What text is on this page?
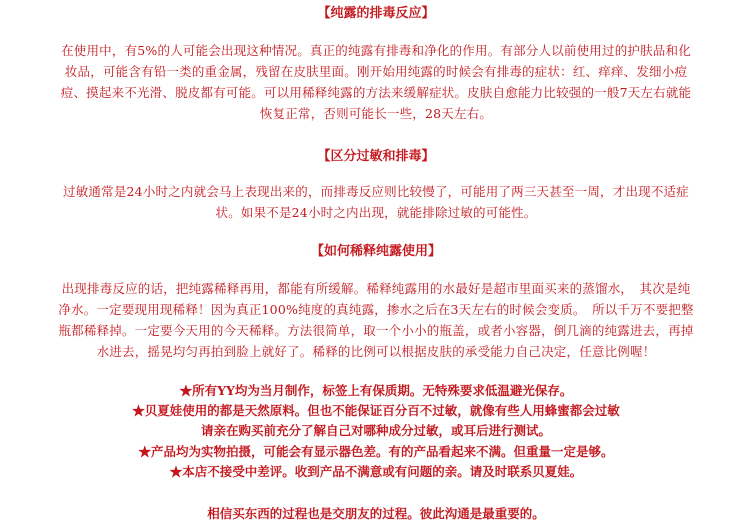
【纯露的排毒反应】
在使用中，有5%的人可能会出现这种情况。真正的纯露有排毒和净化的作用。有部分人以前使用过的护肤品和化
妆品，可能含有铅一类的重金属，残留在皮肤里面。刚开始用纯露的时候会有排毒的症状：红、痒痒、发细小痘
痘、摸起来不光滑、脱皮都有可能。可以用稀释纯露的方法来缓解症状。皮肤自愈能力比较强的一般7天左右就能
恢复正常，否则可能长一些，28天左右。
【区分过敏和排毒】
过敏通常是24小时之内就会马上表现出来的，而排毒反应则比较慢了，可能用了两三天甚至一周，才出现不适症
状。如果不是24小时之内出现，就能排除过敏的可能性。
【如何稀释纯露使用】
出现排毒反应的话，把纯露稀释再用，都能有所缓解。稀释纯露用的水最好是超市里面买来的蒸馏水，　其次是纯
净水。一定要现用现稀释！因为真正100%纯度的真纯露，掺水之后在3天左右的时候会变质。　所以千万不要把整
瓶都稀释掉。一定要今天用的今天稀释。方法很简单，取一个小小的瓶盖，或者小容器，倒几滴的纯露进去，再掉
水进去，摇晃均匀再拍到脸上就好了。稀释的比例可以根据皮肤的承受能力自己决定，任意比例喔！
★所有YY均为当月制作，标签上有保质期。无特殊要求低温避光保存。
★贝夏娃使用的都是天然原料。但也不能保证百分百不过敏，就像有些人用蜂蜜都会过敏
请亲在购买前充分了解自己对哪种成分过敏，或耳后进行测试。
★产品均为实物拍摄，可能会有显示器色差。有的产品看起来不满。但重量一定是够。
★本店不接受中差评。收到产品不满意或有问题的亲。请及时联系贝夏娃。
相信买东西的过程也是交朋友的过程。彼此沟通是最重要的。
